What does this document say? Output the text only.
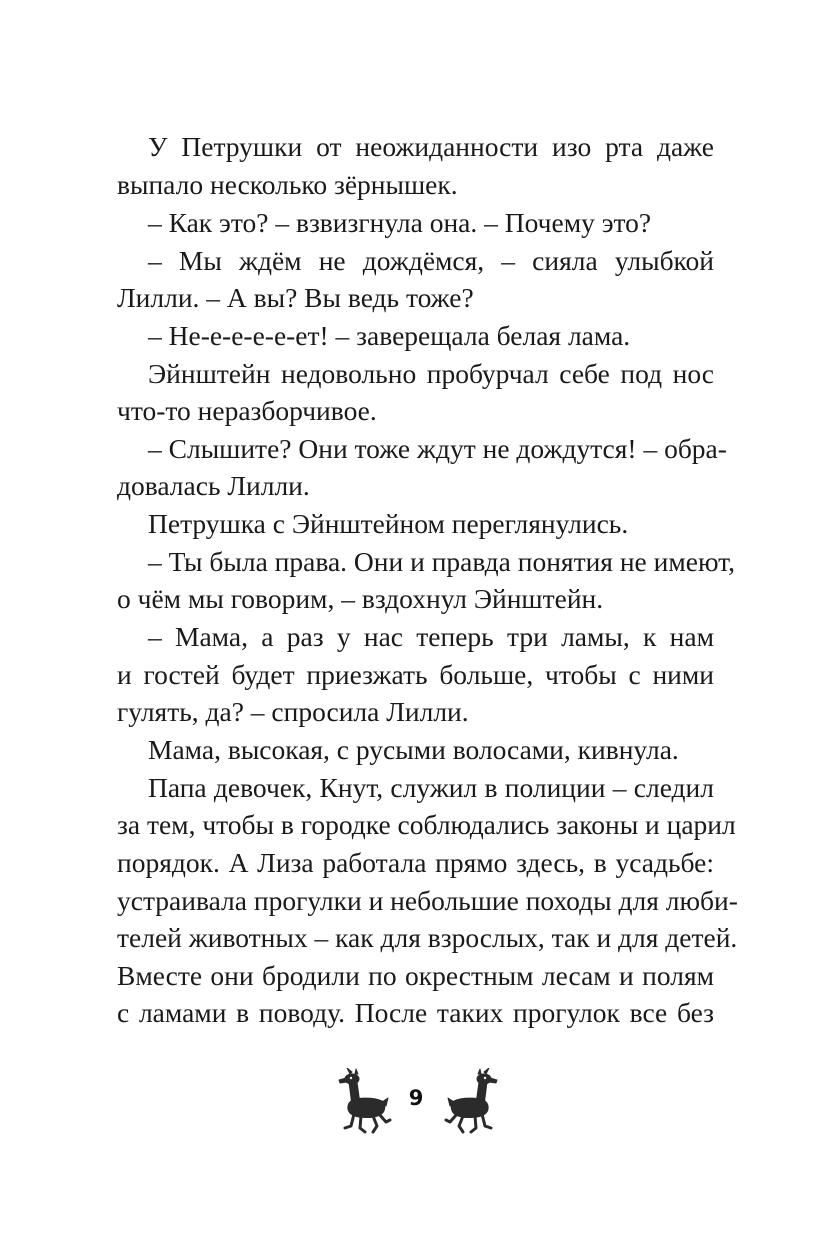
У Петрушки от неожиданности изо рта даже
выпало несколько зёрнышек.
– Как это? – взвизгнула она. – Почему это?
– Мы ждём не дождёмся, – сияла улыбкой
Лилли. – А вы? Вы ведь тоже?
– Не-е-е-е-е-ет! – заверещала белая лама.
Эйнштейн недовольно пробурчал себе под нос
что-то неразборчивое.
– Слышите? Они тоже ждут не дождутся! – обра-
довалась Лилли.
Петрушка с Эйнштейном переглянулись.
– Ты была права. Они и правда понятия не имеют,
о чём мы говорим, – вздохнул Эйнштейн.
– Мама, а раз у нас теперь три ламы, к нам
и гостей будет приезжать больше, чтобы с ними
гулять, да? – спросила Лилли.
Мама, высокая, с русыми волосами, кивнула.
Папа девочек, Кнут, служил в полиции – следил
за тем, чтобы в городке соблюдались законы и царил
порядок. А Лиза работала прямо здесь, в усадьбе:
устраивала прогулки и небольшие походы для люби-
телей животных – как для взрослых, так и для детей.
Вместе они бродили по окрестным лесам и полям
с ламами в поводу. После таких прогулок все без
9
